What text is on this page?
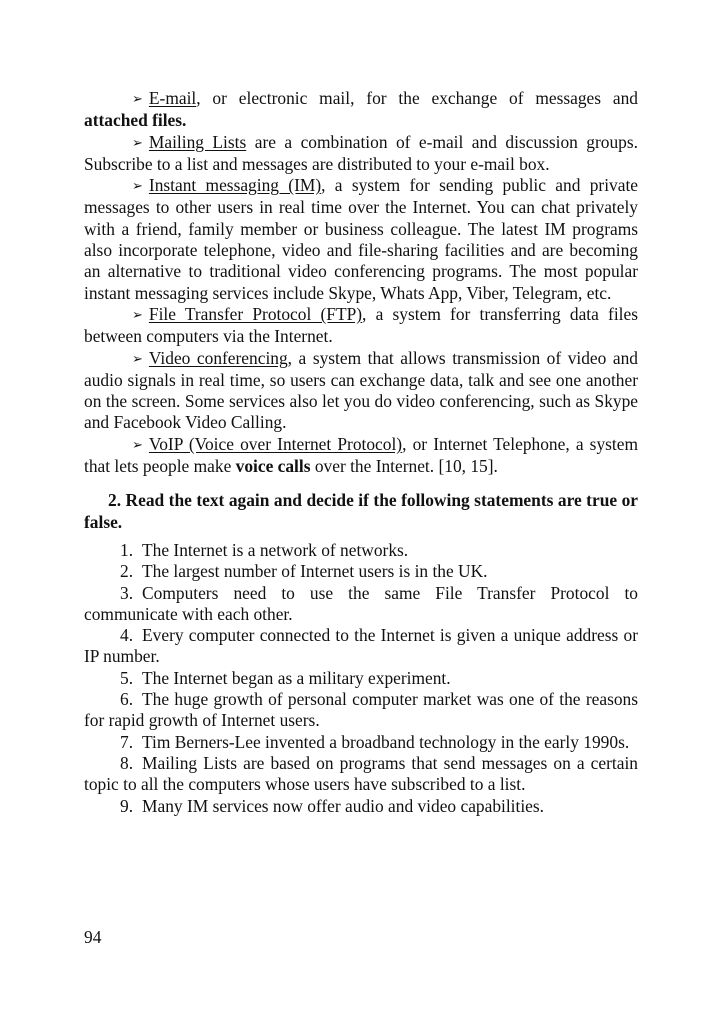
➢ E-mail, or electronic mail, for the exchange of messages and attached files.

➢ Mailing Lists are a combination of e-mail and discussion groups. Subscribe to a list and messages are distributed to your e-mail box.

➢ Instant messaging (IM), a system for sending public and private messages to other users in real time over the Internet. You can chat privately with a friend, family member or business colleague. The latest IM programs also incorporate telephone, video and file-sharing facilities and are becoming an alternative to traditional video conferencing programs. The most popular instant messaging services include Skype, Whats App, Viber, Telegram, etc.

➢ File Transfer Protocol (FTP), a system for transferring data files between computers via the Internet.

➢ Video conferencing, a system that allows transmission of video and audio signals in real time, so users can exchange data, talk and see one another on the screen. Some services also let you do video conferencing, such as Skype and Facebook Video Calling.

➢ VoIP (Voice over Internet Protocol), or Internet Telephone, a system that lets people make voice calls over the Internet. [10, 15].

2. Read the text again and decide if the following statements are true or false.

1. The Internet is a network of networks.

2. The largest number of Internet users is in the UK.

3. Computers need to use the same File Transfer Protocol to communicate with each other.

4. Every computer connected to the Internet is given a unique address or IP number.

5. The Internet began as a military experiment.

6. The huge growth of personal computer market was one of the reasons for rapid growth of Internet users.

7. Tim Berners-Lee invented a broadband technology in the early 1990s.

8. Mailing Lists are based on programs that send messages on a certain topic to all the computers whose users have subscribed to a list.

9. Many IM services now offer audio and video capabilities.

94
